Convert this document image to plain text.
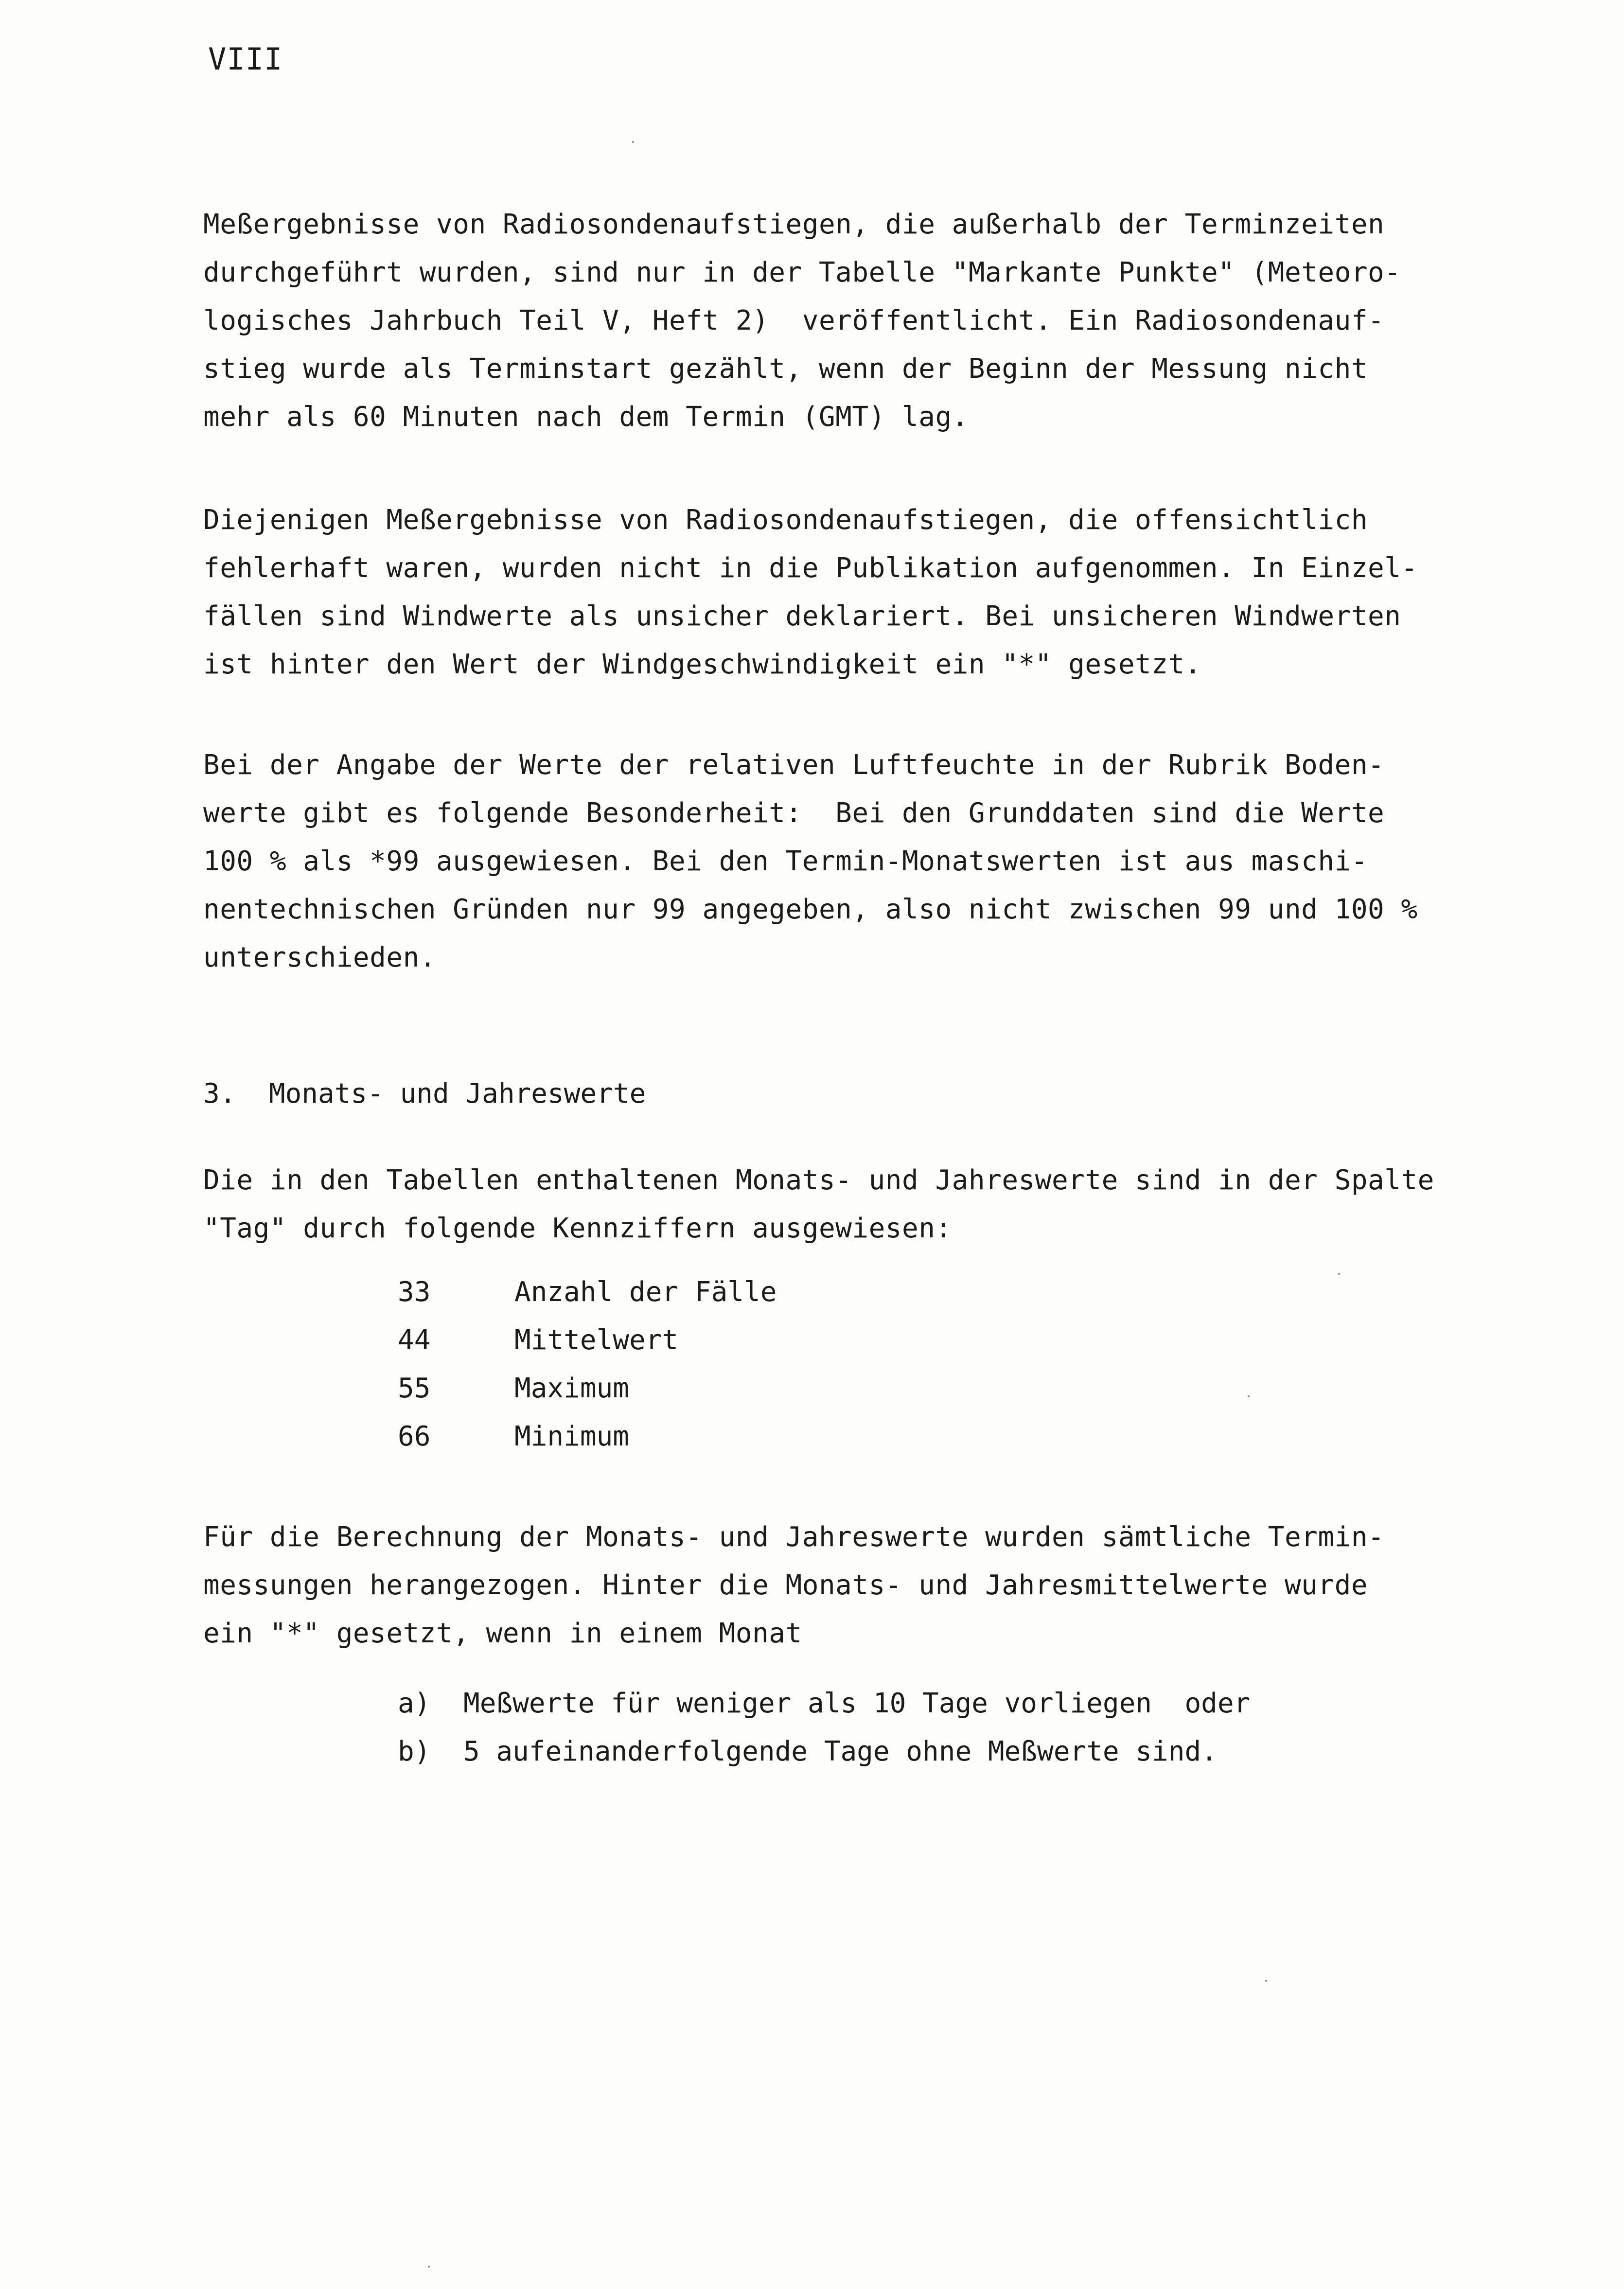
VIII
Meßergebnisse von Radiosondenaufstiegen, die außerhalb der Terminzeiten
durchgeführt wurden, sind nur in der Tabelle "Markante Punkte" (Meteoro-
logisches Jahrbuch Teil V, Heft 2)  veröffentlicht. Ein Radiosondenauf-
stieg wurde als Terminstart gezählt, wenn der Beginn der Messung nicht
mehr als 60 Minuten nach dem Termin (GMT) lag.
Diejenigen Meßergebnisse von Radiosondenaufstiegen, die offensichtlich
fehlerhaft waren, wurden nicht in die Publikation aufgenommen. In Einzel-
fällen sind Windwerte als unsicher deklariert. Bei unsicheren Windwerten
ist hinter den Wert der Windgeschwindigkeit ein "*" gesetzt.
Bei der Angabe der Werte der relativen Luftfeuchte in der Rubrik Boden-
werte gibt es folgende Besonderheit:  Bei den Grunddaten sind die Werte
100 % als *99 ausgewiesen. Bei den Termin-Monatswerten ist aus maschi-
nentechnischen Gründen nur 99 angegeben, also nicht zwischen 99 und 100 %
unterschieden.
3.  Monats- und Jahreswerte
Die in den Tabellen enthaltenen Monats- und Jahreswerte sind in der Spalte
"Tag" durch folgende Kennziffern ausgewiesen:
33	Anzahl der Fälle
44	Mittelwert
55	Maximum
66	Minimum
Für die Berechnung der Monats- und Jahreswerte wurden sämtliche Termin-
messungen herangezogen. Hinter die Monats- und Jahresmittelwerte wurde
ein "*" gesetzt, wenn in einem Monat
a)	Meßwerte für weniger als 10 Tage vorliegen  oder
b)	5 aufeinanderfolgende Tage ohne Meßwerte sind.
